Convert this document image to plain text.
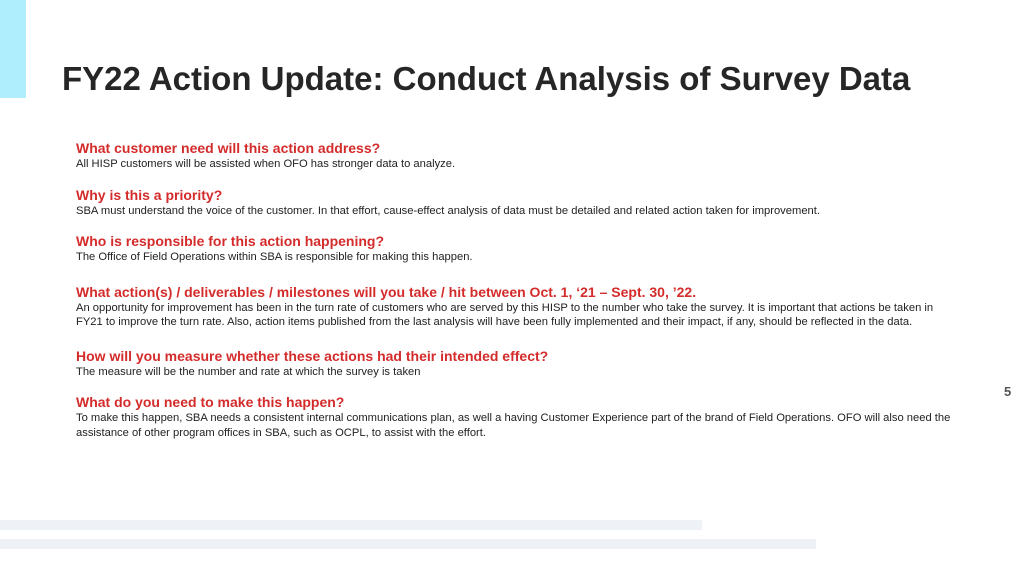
FY22 Action Update: Conduct Analysis of Survey Data

What customer need will this action address?

All HISP customers will be assisted when OFO has stronger data to analyze.

Why is this a priority?

SBA must understand the voice of the customer. In that effort, cause-effect analysis of data must be detailed and related action taken for improvement.

Who is responsible for this action happening?

The Office of Field Operations within SBA is responsible for making this happen.

What action(s) / deliverables / milestones will you take / hit between Oct. 1, ‘21 – Sept. 30, ’22.

An opportunity for improvement has been in the turn rate of customers who are served by this HISP to the number who take the survey. It is important that actions be taken in FY21 to improve the turn rate. Also, action items published from the last analysis will have been fully implemented and their impact, if any, should be reflected in the data.

How will you measure whether these actions had their intended effect?

The measure will be the number and rate at which the survey is taken

What do you need to make this happen?

To make this happen, SBA needs a consistent internal communications plan, as well a having Customer Experience part of the brand of Field Operations. OFO will also need the assistance of other program offices in SBA, such as OCPL, to assist with the effort.

5
